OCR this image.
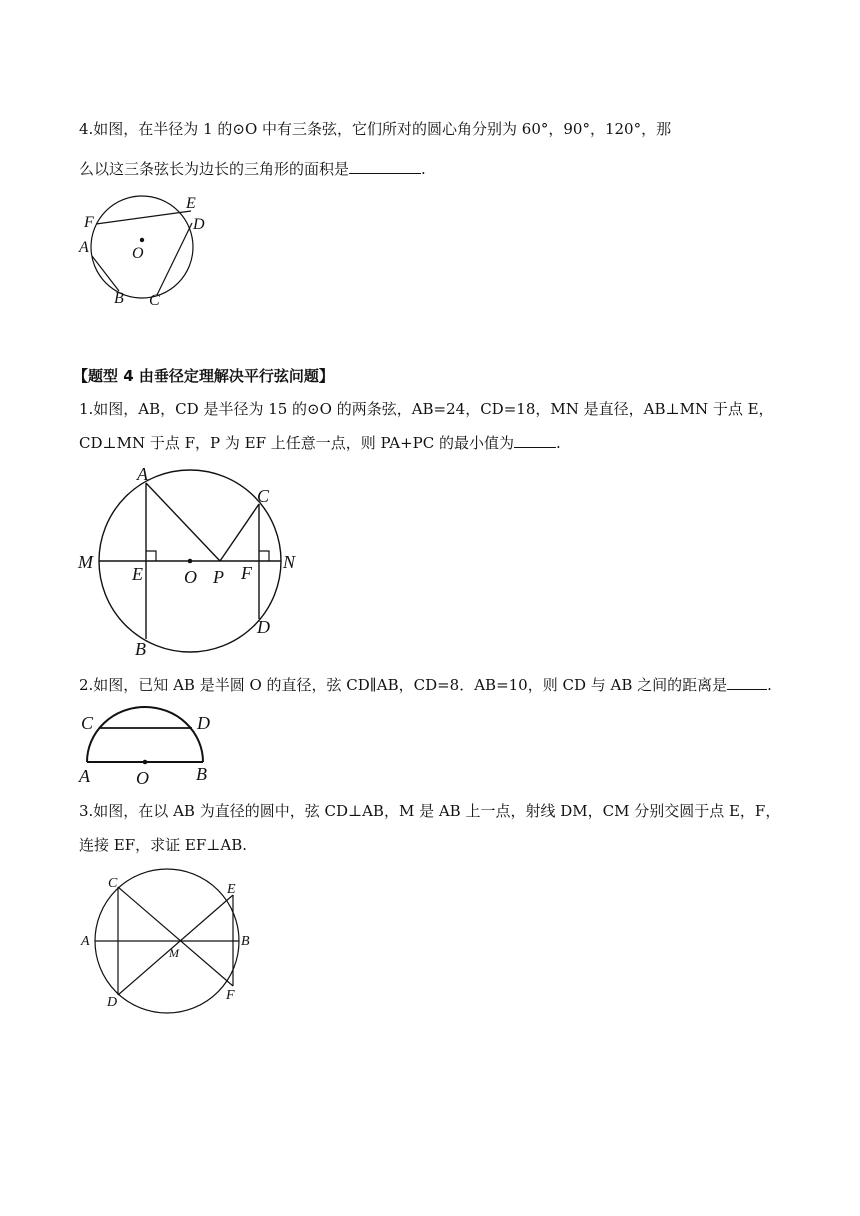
4.如图，在半径为 1 的⊙O 中有三条弦，它们所对的圆心角分别为 60°，90°，120°，那

么以这三条弦长为边长的三角形的面积是	.

F
E
D
A	O
B C
【题型 4 由垂径定理解决平行弦问题】

1.如图，AB，CD 是半径为 15 的⊙O 的两条弦，AB=24，CD=18，MN 是直径，AB⊥MN 于点 E，

CD⊥MN 于点 F，P 为 EF 上任意一点，则 PA+PC 的最小值为	.

A
C
M
E O P F
N
B
D

2.如图，已知 AB 是半圆 O 的直径，弦 CD∥AB，CD=8．AB=10，则 CD 与 AB 之间的距离是	.

C	D
A	O	B

3.如图，在以 AB 为直径的圆中，弦 CD⊥AB，M 是 AB 上一点，射线 DM，CM 分别交圆于点 E，F，

连接 EF，求证 EF⊥AB.

C	E
A	B
M
D	F
